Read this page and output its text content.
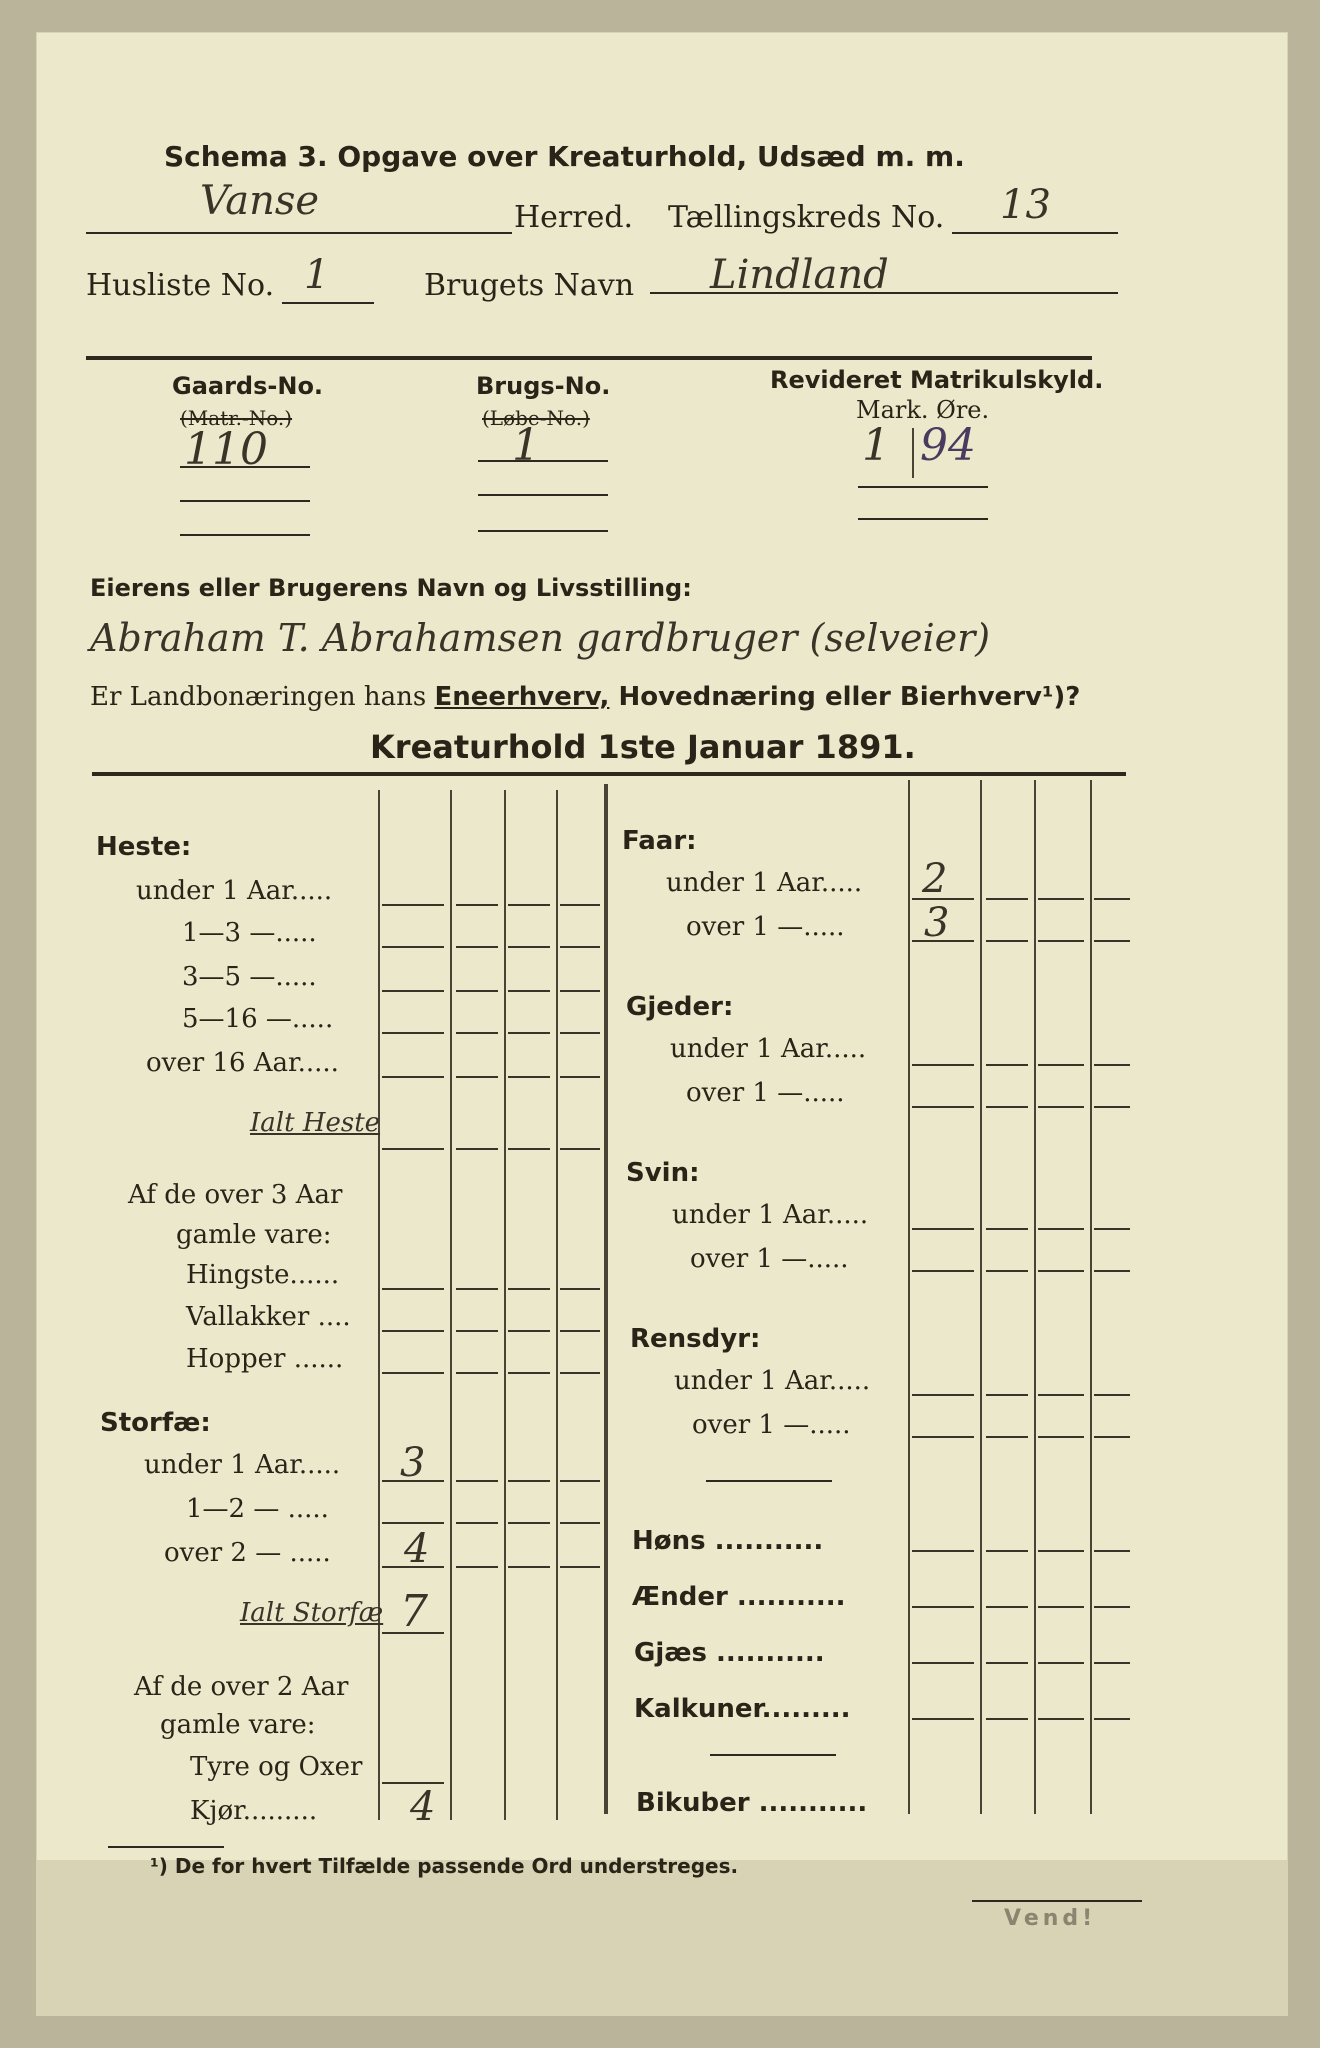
Schema 3. Opgave over Kreaturhold, Udsæd m. m.
Vanse	Herred. Tællingskreds No. 13
Husliste No. 1	Brugets Navn Lindland
Gaards-No.
(Matr.-No.)
110
Brugs-No.
(Løbe-No.)
1
Revideret Matrikulskyld.
Mark. Øre.
1 94
Eierens eller Brugerens Navn og Livsstilling:
Abraham T. Abrahamsen gardbruger (selveier)
Er Landbonæringen hans Eneerhverv, Hovednæring eller Bierhverv¹)?
Kreaturhold 1ste Januar 1891.
Heste:
under 1 Aar.....
1—3 —.....
3—5 —.....
5—16 —.....
over 16 Aar.....
Ialt Heste
Af de over 3 Aar
gamle vare:
Hingste......
Vallakker ....
Hopper ......
Storfæ:
under 1 Aar..... 3
1—2 — .....
over 2 — ..... 4
Ialt Storfæ 7
Af de over 2 Aar
gamle vare:
Tyre og Oxer
Kjør......... 4
Faar:
under 1 Aar..... 2
over 1 —..... 3
Gjeder:
under 1 Aar.....
over 1 —.....
Svin:
under 1 Aar.....
over 1 —.....
Rensdyr:
under 1 Aar.....
over 1 —.....
Høns ...........
Ænder ...........
Gjæs ...........
Kalkuner.........
Bikuber ...........
¹) De for hvert Tilfælde passende Ord understreges.
Vend!
